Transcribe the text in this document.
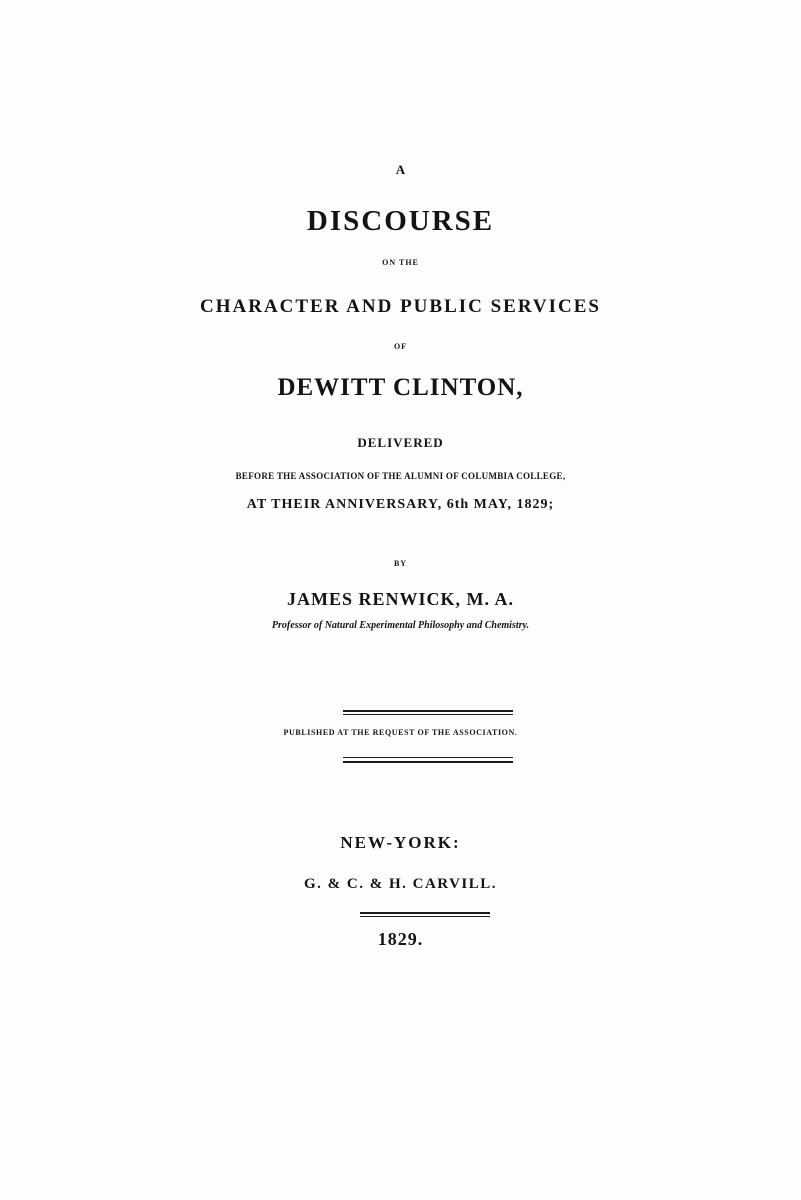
A
DISCOURSE
ON THE
CHARACTER AND PUBLIC SERVICES
OF
DEWITT CLINTON,
DELIVERED
BEFORE THE ASSOCIATION OF THE ALUMNI OF COLUMBIA COLLEGE,
AT THEIR ANNIVERSARY, 6th MAY, 1829;
BY
JAMES RENWICK, M. A.
Professor of Natural Experimental Philosophy and Chemistry.
PUBLISHED AT THE REQUEST OF THE ASSOCIATION.
NEW-YORK:
G. & C. & H. CARVILL.
1829.
